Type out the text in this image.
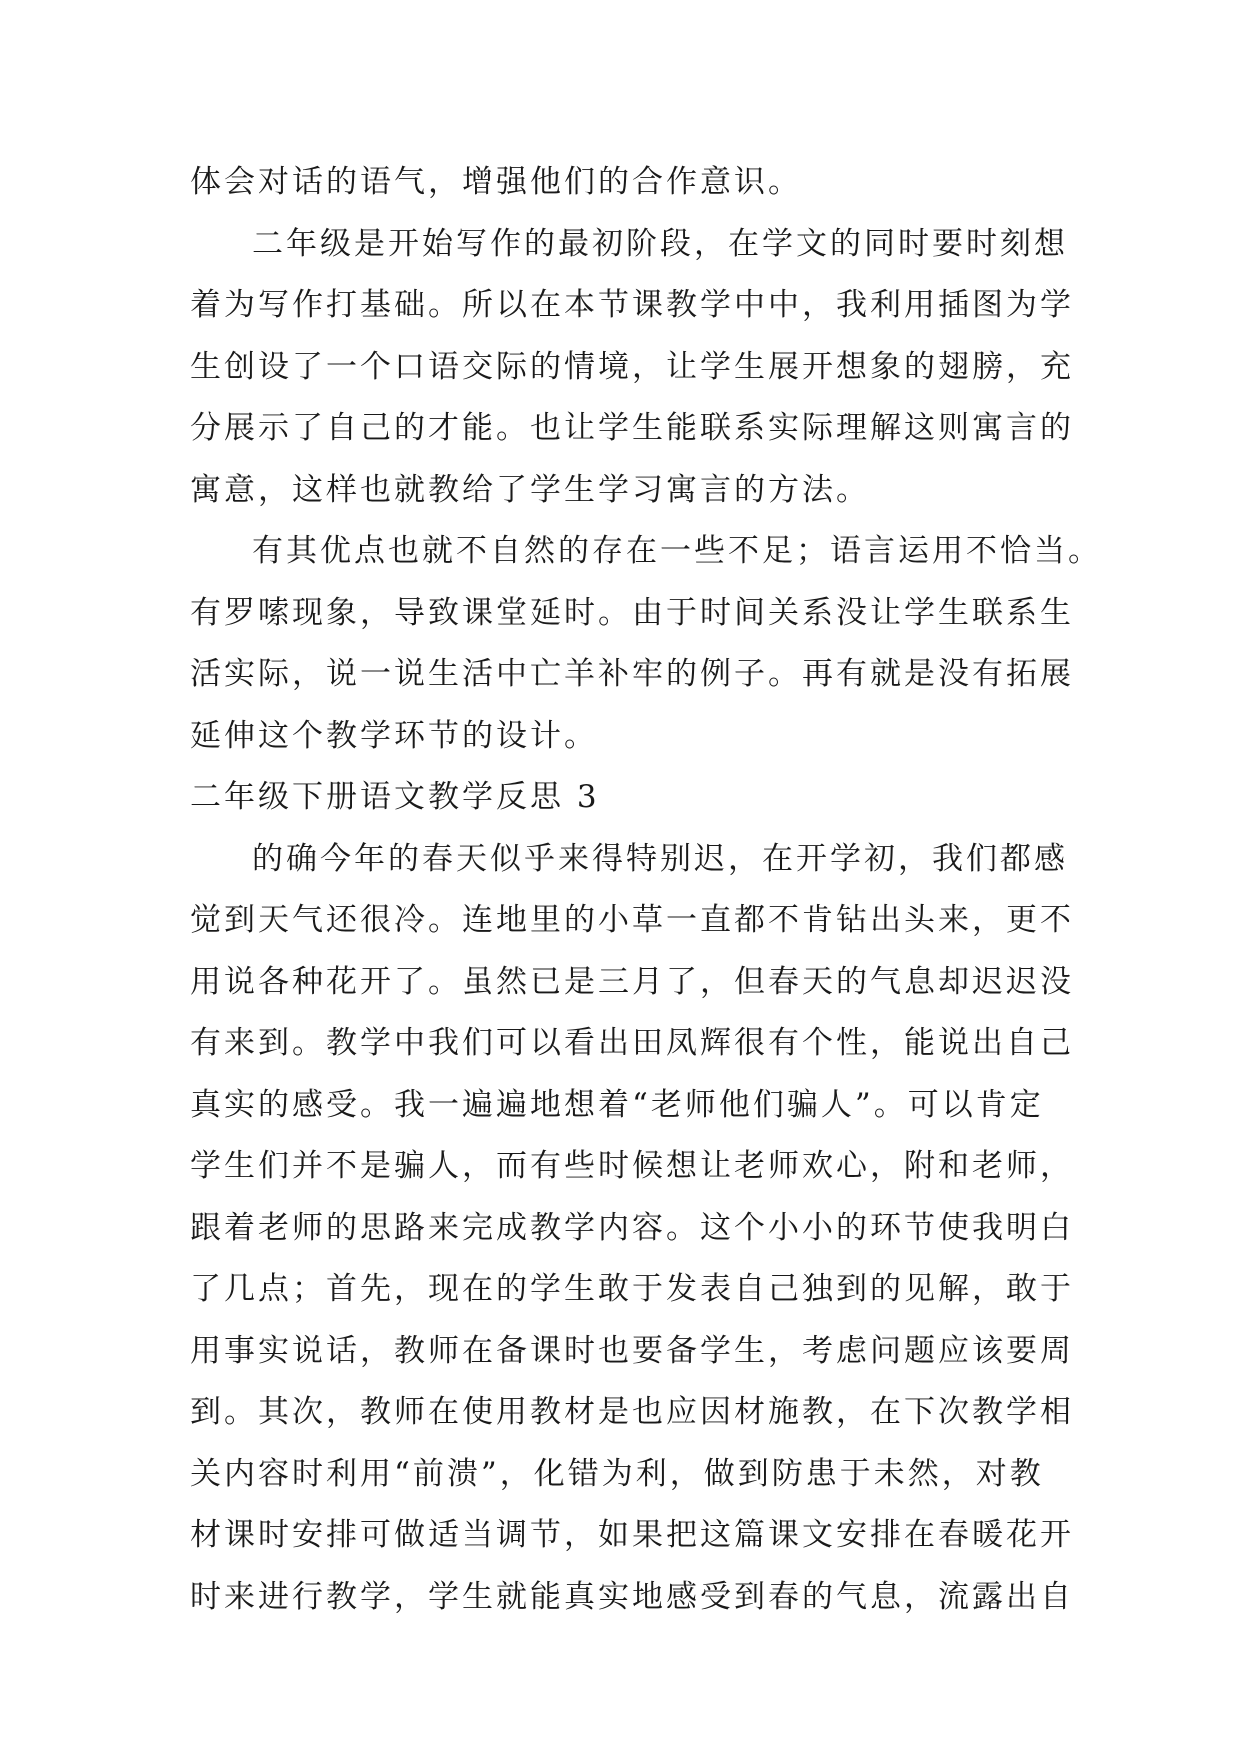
体会对话的语气，增强他们的合作意识。
二年级是开始写作的最初阶段，在学文的同时要时刻想
着为写作打基础。所以在本节课教学中中，我利用插图为学
生创设了一个口语交际的情境，让学生展开想象的翅膀，充
分展示了自己的才能。也让学生能联系实际理解这则寓言的
寓意，这样也就教给了学生学习寓言的方法。
有其优点也就不自然的存在一些不足；语言运用不恰当。
有罗嗦现象，导致课堂延时。由于时间关系没让学生联系生
活实际，说一说生活中亡羊补牢的例子。再有就是没有拓展
延伸这个教学环节的设计。
二年级下册语文教学反思 3
的确今年的春天似乎来得特别迟，在开学初，我们都感
觉到天气还很冷。连地里的小草一直都不肯钻出头来，更不
用说各种花开了。虽然已是三月了，但春天的气息却迟迟没
有来到。教学中我们可以看出田凤辉很有个性，能说出自己
真实的感受。我一遍遍地想着“老师他们骗人”。可以肯定
学生们并不是骗人，而有些时候想让老师欢心，附和老师，
跟着老师的思路来完成教学内容。这个小小的环节使我明白
了几点；首先，现在的学生敢于发表自己独到的见解，敢于
用事实说话，教师在备课时也要备学生，考虑问题应该要周
到。其次，教师在使用教材是也应因材施教，在下次教学相
关内容时利用“前溃”，化错为利，做到防患于未然，对教
材课时安排可做适当调节，如果把这篇课文安排在春暖花开
时来进行教学，学生就能真实地感受到春的气息，流露出自
